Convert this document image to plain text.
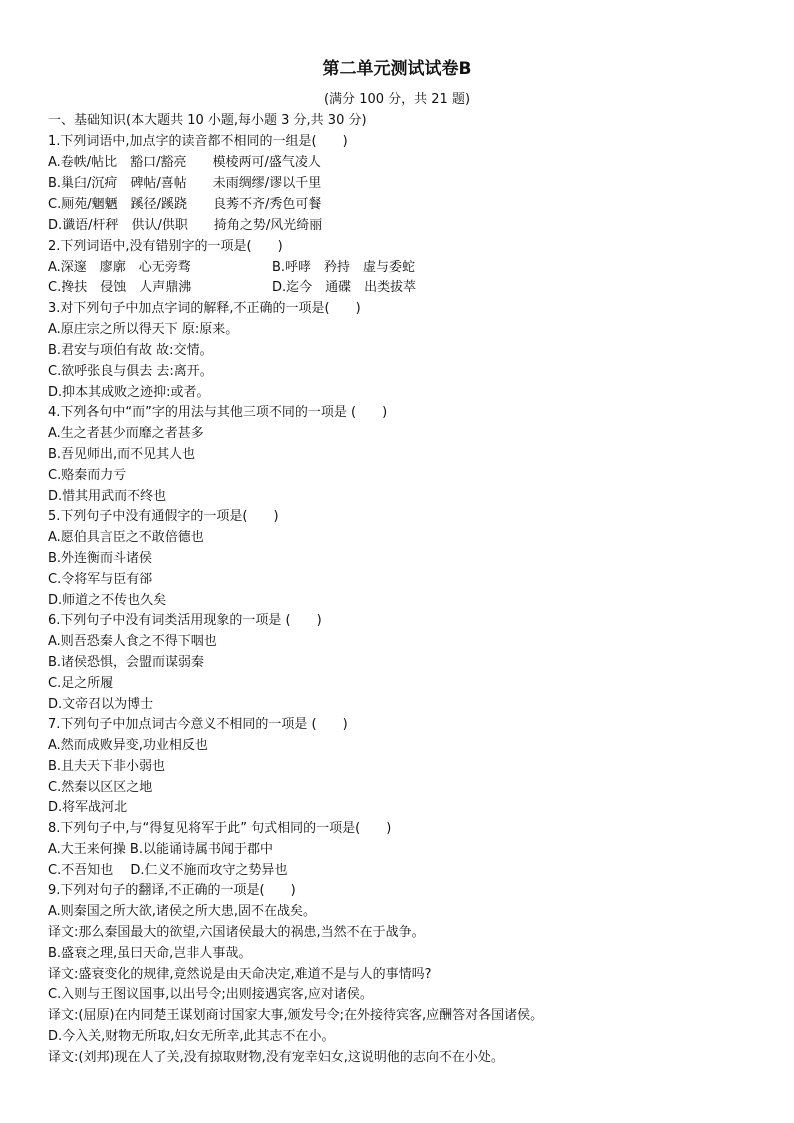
第二单元测试试卷B
(满分 100 分，共 21 题)
一、基础知识(本大题共 10 小题,每小题 3 分,共 30 分)
1.下列词语中,加点字的读音都不相同的一组是(　　)
A.卷帙/帖比　豁口/豁亮　　模棱两可/盛气凌人
B.巢臼/沉疴　碑帖/喜帖　　未雨绸缪/谬以千里
C.厕苑/魍魉　蹊径/蹊跷　　良莠不齐/秀色可餐
D.谶语/杆秤　供认/供职　　掎角之势/风光绮丽
2.下列词语中,没有错别字的一项是(　　)
A.深邃　廖廓　心无旁骛	B.呼哮　矜持　虚与委蛇
C.搀扶　侵蚀　人声鼎沸	D.迄今　通碟　出类拔萃
3.对下列句子中加点字词的解释,不正确的一项是(　　)
A.原庄宗之所以得天下 原:原来。
B.君安与项伯有故 故:交情。
C.欲呼张良与俱去 去:离开。
D.抑本其成败之迹抑:或者。
4.下列各句中“而”字的用法与其他三项不同的一项是 (　　)
A.生之者甚少而靡之者甚多
B.吾见师出,而不见其人也
C.赂秦而力亏
D.惜其用武而不终也
5.下列句子中没有通假字的一项是(　　)
A.愿伯具言臣之不敢倍德也
B.外连衡而斗诸侯
C.令将军与臣有郤
D.师道之不传也久矣
6.下列句子中没有词类活用现象的一项是 (　　)
A.则吾恐秦人食之不得下咽也
B.诸侯恐惧，会盟而谋弱秦
C.足之所履
D.文帝召以为博士
7.下列句子中加点词古今意义不相同的一项是 (　　)
A.然而成败异变,功业相反也
B.且夫天下非小弱也
C.然秦以区区之地
D.将军战河北
8.下列句子中,与“得复见将军于此” 句式相同的一项是(　　)
A.大王来何操 B.以能诵诗属书闻于郡中
C.不吾知也　 D.仁义不施而攻守之势异也
9.下列对句子的翻译,不正确的一项是(　　)
A.则秦国之所大欲,诸侯之所大患,固不在战矣。
译文:那么秦国最大的欲望,六国诸侯最大的祸患,当然不在于战争。
B.盛衰之理,虽曰天命,岂非人事哉。
译文:盛衰变化的规律,竟然说是由天命决定,难道不是与人的事情吗?
C.入则与王图议国事,以出号令;出则接遇宾客,应对诸侯。
译文:(屈原)在内同楚王谋划商讨国家大事,颁发号令;在外接待宾客,应酬答对各国诸侯。
D.今入关,财物无所取,妇女无所幸,此其志不在小。
译文:(刘邦)现在人了关,没有掠取财物,没有宠幸妇女,这说明他的志向不在小处。
